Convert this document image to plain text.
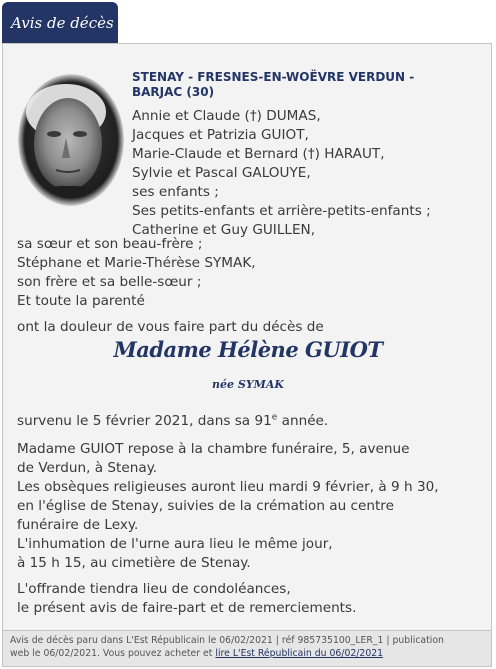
Avis de décès
STENAY - FRESNES-EN-WOËVRE VERDUN - BARJAC (30)
Annie et Claude (†) DUMAS,
Jacques et Patrizia GUIOT,
Marie-Claude et Bernard (†) HARAUT,
Sylvie et Pascal GALOUYE,
ses enfants ;
Ses petits-enfants et arrière-petits-enfants ;
Catherine et Guy GUILLEN,
sa sœur et son beau-frère ;
Stéphane et Marie-Thérèse SYMAK,
son frère et sa belle-sœur ;
Et toute la parenté

ont la douleur de vous faire part du décès de

Madame Hélène GUIOT
née SYMAK

survenu le 5 février 2021, dans sa 91e année.

Madame GUIOT repose à la chambre funéraire, 5, avenue
de Verdun, à Stenay.
Les obsèques religieuses auront lieu mardi 9 février, à 9 h 30,
en l'église de Stenay, suivies de la crémation au centre
funéraire de Lexy.
L'inhumation de l'urne aura lieu le même jour,
à 15 h 15, au cimetière de Stenay.
L'offrande tiendra lieu de condoléances,
le présent avis de faire-part et de remerciements.
Avis de décès paru dans L'Est Républicain le 06/02/2021 | réf 985735100_LER_1 | publication
web le 06/02/2021. Vous pouvez acheter et lire L'Est Républicain du 06/02/2021
